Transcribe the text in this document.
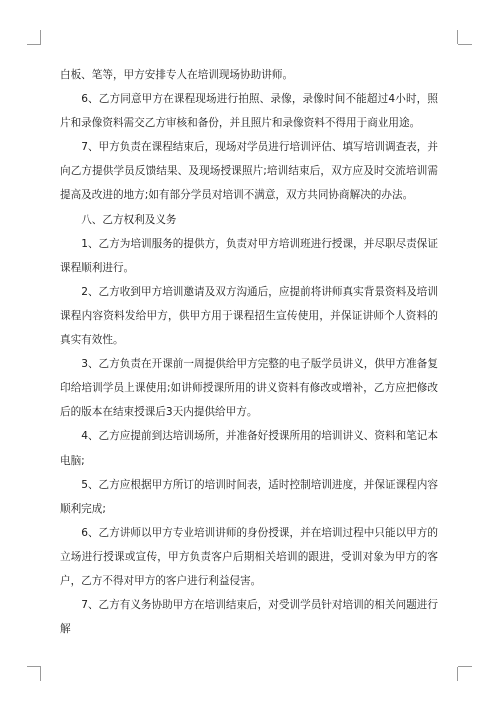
白板、笔等，甲方安排专人在培训现场协助讲师。

6、乙方同意甲方在课程现场进行拍照、录像，录像时间不能超过4小时，照片和录像资料需交乙方审核和备份，并且照片和录像资料不得用于商业用途。

7、甲方负责在课程结束后，现场对学员进行培训评估、填写培训调查表，并向乙方提供学员反馈结果、及现场授课照片;培训结束后，双方应及时交流培训需提高及改进的地方;如有部分学员对培训不满意，双方共同协商解决的办法。

八、乙方权利及义务

1、乙方为培训服务的提供方，负责对甲方培训班进行授课，并尽职尽责保证课程顺利进行。

2、乙方收到甲方培训邀请及双方沟通后，应提前将讲师真实背景资料及培训课程内容资料发给甲方，供甲方用于课程招生宣传使用，并保证讲师个人资料的真实有效性。

3、乙方负责在开课前一周提供给甲方完整的电子版学员讲义，供甲方准备复印给培训学员上课使用;如讲师授课所用的讲义资料有修改或增补，乙方应把修改后的版本在结束授课后3天内提供给甲方。

4、乙方应提前到达培训场所，并准备好授课所用的培训讲义、资料和笔记本电脑;

5、乙方应根据甲方所订的培训时间表，适时控制培训进度，并保证课程内容顺利完成;

6、乙方讲师以甲方专业培训讲师的身份授课，并在培训过程中只能以甲方的立场进行授课或宣传，甲方负责客户后期相关培训的跟进，受训对象为甲方的客户，乙方不得对甲方的客户进行利益侵害。

7、乙方有义务协助甲方在培训结束后，对受训学员针对培训的相关问题进行解
